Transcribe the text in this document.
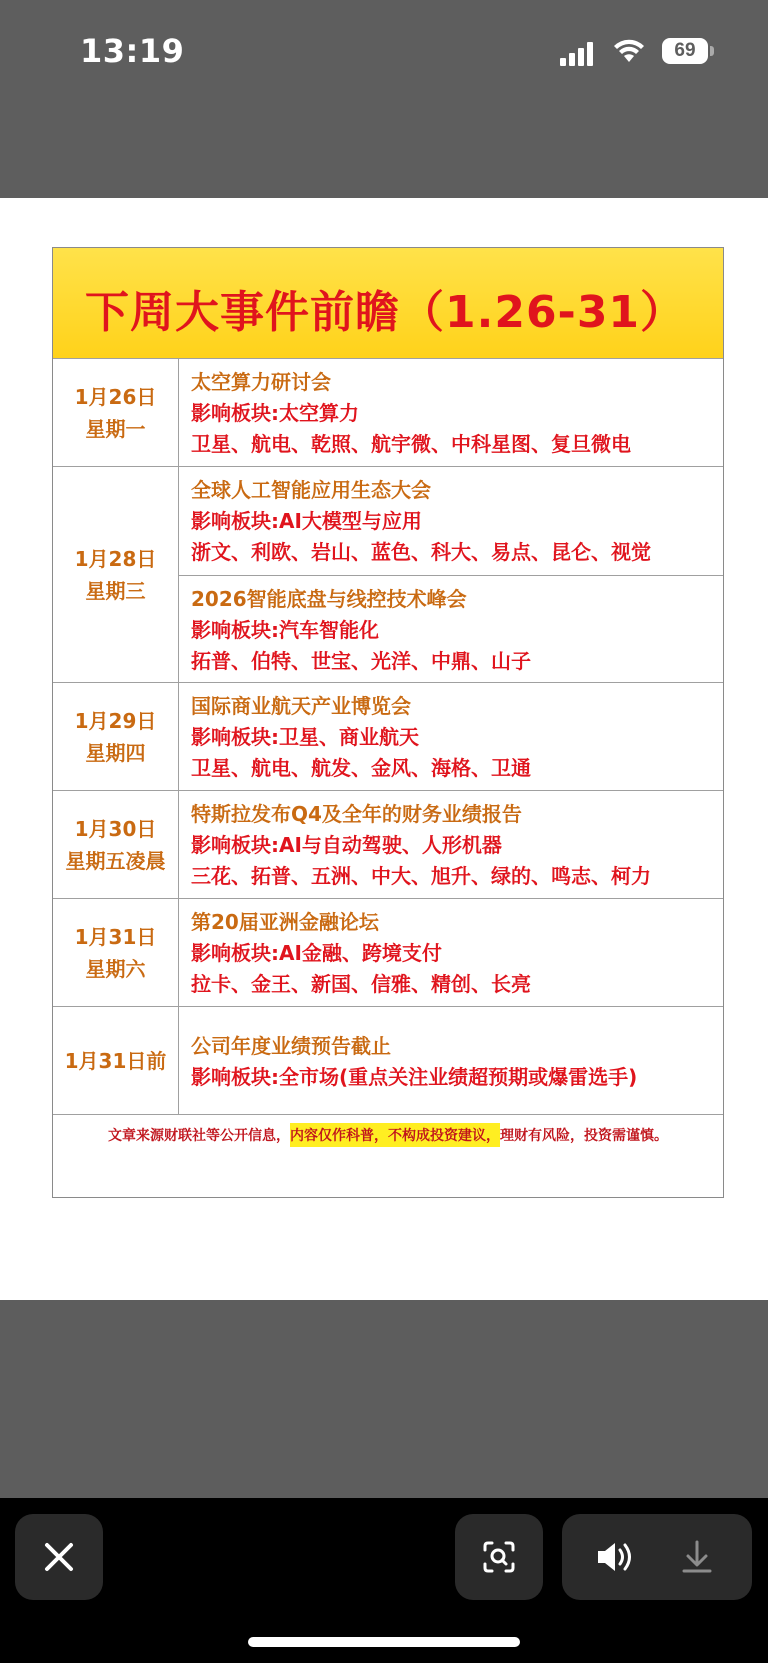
13:19	69
下周大事件前瞻（1.26-31）
1月26日
星期一
太空算力研讨会
影响板块:太空算力
卫星、航电、乾照、航宇微、中科星图、复旦微电
1月28日
星期三
全球人工智能应用生态大会
影响板块:AI大模型与应用
浙文、利欧、岩山、蓝色、科大、易点、昆仑、视觉
2026智能底盘与线控技术峰会
影响板块:汽车智能化
拓普、伯特、世宝、光洋、中鼎、山子
1月29日
星期四
国际商业航天产业博览会
影响板块:卫星、商业航天
卫星、航电、航发、金风、海格、卫通
1月30日
星期五凌晨
特斯拉发布Q4及全年的财务业绩报告
影响板块:AI与自动驾驶、人形机器
三花、拓普、五洲、中大、旭升、绿的、鸣志、柯力
1月31日
星期六
第20届亚洲金融论坛
影响板块:AI金融、跨境支付
拉卡、金王、新国、信雅、精创、长亮
1月31日前
公司年度业绩预告截止
影响板块:全市场(重点关注业绩超预期或爆雷选手)
文章来源财联社等公开信息， 内容仅作科普，不构成投资建议， 理财有风险，投资需谨慎。
